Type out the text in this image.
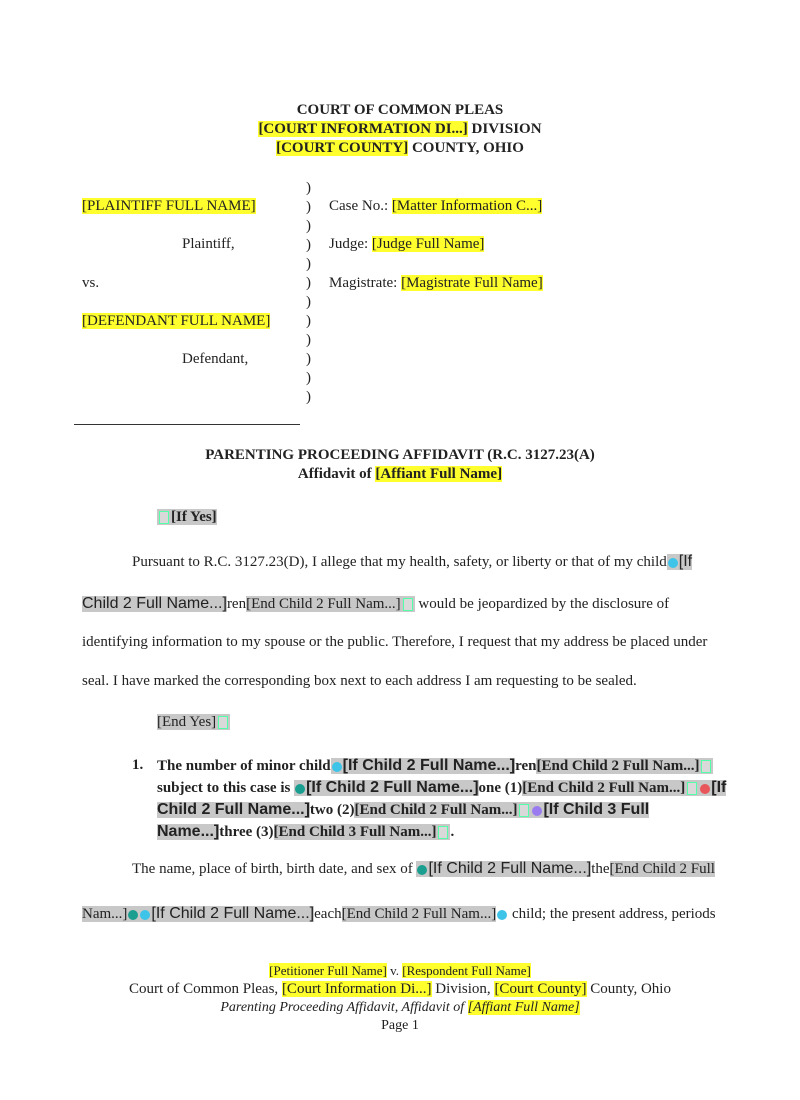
COURT OF COMMON PLEAS
[COURT INFORMATION DI...] DIVISION
[COURT COUNTY] COUNTY, OHIO
[PLAINTIFF FULL NAME]
Plaintiff,
vs.
[DEFENDANT FULL NAME]
Defendant,
)
)
)
)
)
)
)
)
)
)
)
)
Case No.: [Matter Information C...]
Judge: [Judge Full Name]
Magistrate: [Magistrate Full Name]
PARENTING PROCEEDING AFFIDAVIT (R.C. 3127.23(A)
Affidavit of [Affiant Full Name]
[If Yes]
Pursuant to R.C. 3127.23(D), I allege that my health, safety, or liberty or that of my child [If
Child 2 Full Name...]ren[End Child 2 Full Nam...] would be jeopardized by the disclosure of
identifying information to my spouse or the public. Therefore, I request that my address be placed under
seal. I have marked the corresponding box next to each address I am requesting to be sealed.
[End Yes]
1. The number of minor child [If Child 2 Full Name...]ren[End Child 2 Full Nam...]
subject to this case is [If Child 2 Full Name...]one (1)[End Child 2 Full Nam...] [If
Child 2 Full Name...]two (2)[End Child 2 Full Nam...] [If Child 3 Full
Name...]three (3)[End Child 3 Full Nam...] .
The name, place of birth, birth date, and sex of [If Child 2 Full Name...]the[End Child 2 Full
Nam...] [If Child 2 Full Name...]each[End Child 2 Full Nam...] child; the present address, periods
[Petitioner Full Name] v. [Respondent Full Name]
Court of Common Pleas, [Court Information Di...] Division, [Court County] County, Ohio
Parenting Proceeding Affidavit, Affidavit of [Affiant Full Name]
Page 1
